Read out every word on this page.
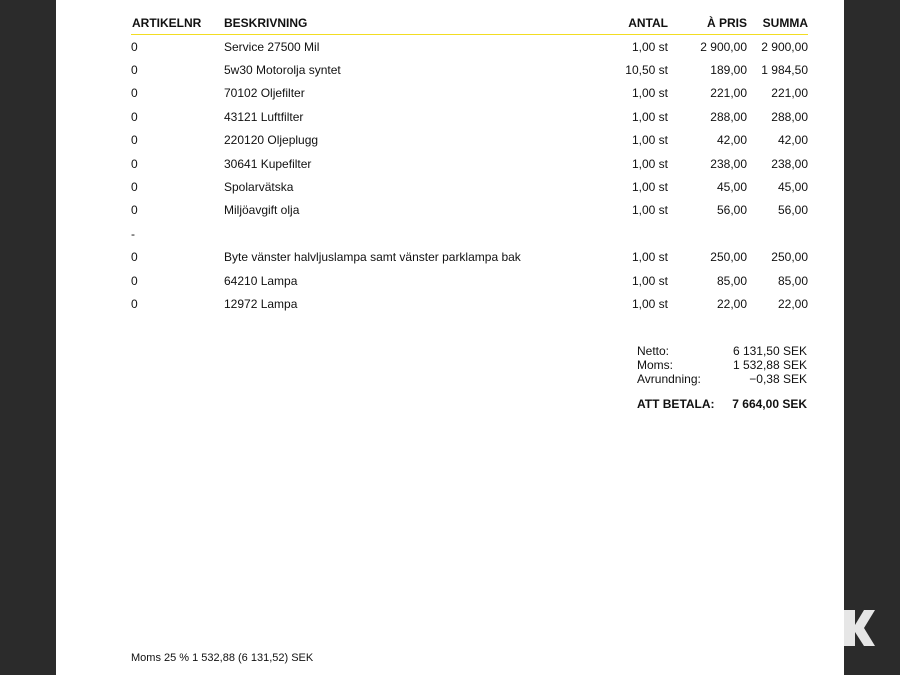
ARTIKELNR	BESKRIVNING	ANTAL	À PRIS	SUMMA
0	Service 27500 Mil	1,00 st	2 900,00	2 900,00
0	5w30 Motorolja syntet	10,50 st	189,00	1 984,50
0	70102 Oljefilter	1,00 st	221,00	221,00
0	43121 Luftfilter	1,00 st	288,00	288,00
0	220120 Oljeplugg	1,00 st	42,00	42,00
0	30641 Kupefilter	1,00 st	238,00	238,00
0	Spolarvätska	1,00 st	45,00	45,00
0	Miljöavgift olja	1,00 st	56,00	56,00
-				
0	Byte vänster halvljuslampa samt vänster parklampa bak	1,00 st	250,00	250,00
0	64210 Lampa	1,00 st	85,00	85,00
0	12972 Lampa	1,00 st	22,00	22,00
Netto:	6 131,50 SEK
Moms:	1 532,88 SEK
Avrundning:	−0,38 SEK
ATT BETALA: 7 664,00 SEK
Moms 25 % 1 532,88 (6 131,52) SEK
